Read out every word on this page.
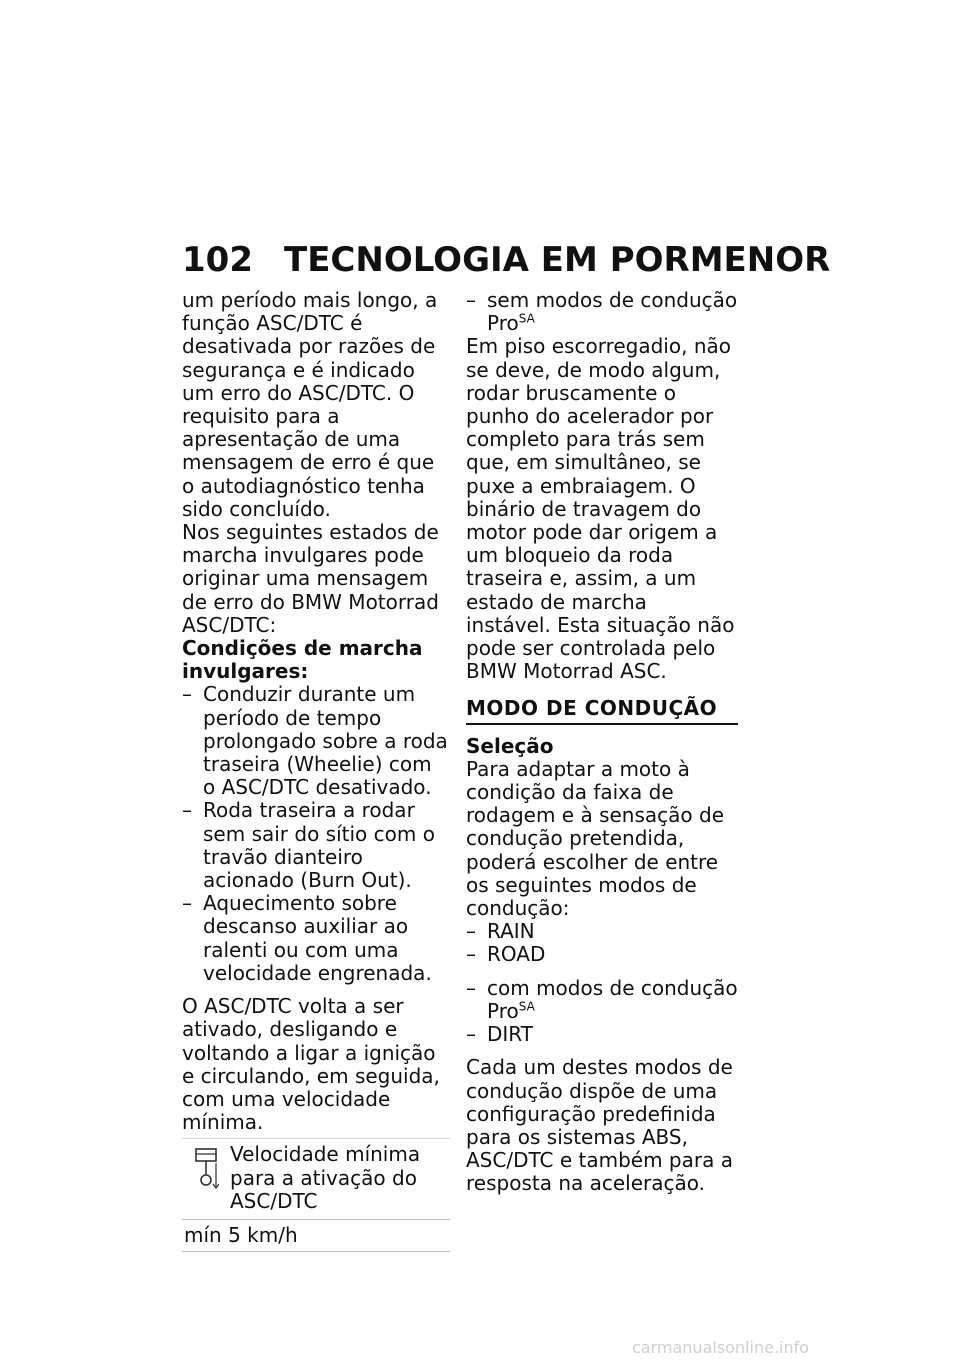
102 TECNOLOGIA EM PORMENOR

um período mais longo, a função ASC/DTC é desativada por razões de segurança e é indicado um erro do ASC/DTC. O requisito para a apresentação de uma mensagem de erro é que o autodiagnóstico tenha sido concluído.

Nos seguintes estados de marcha invulgares pode originar uma mensagem de erro do BMW Motorrad ASC/DTC:

Condições de marcha invulgares:

– Conduzir durante um período de tempo prolongado sobre a roda traseira (Wheelie) com o ASC/DTC desativado.

– Roda traseira a rodar sem sair do sítio com o travão dianteiro acionado (Burn Out).

– Aquecimento sobre descanso auxiliar ao ralenti ou com uma velocidade engrenada.

O ASC/DTC volta a ser ativado, desligando e voltando a ligar a ignição e circulando, em seguida, com uma velocidade mínima.

Velocidade mínima para a ativação do ASC/DTC
mín 5 km/h

– sem modos de condução Pro$^{SA}$

Em piso escorregadio, não se deve, de modo algum, rodar bruscamente o punho do acelerador por completo para trás sem que, em simultâneo, se puxe a embraiagem. O binário de travagem do motor pode dar origem a um bloqueio da roda traseira e, assim, a um estado de marcha instável. Esta situação não pode ser controlada pelo BMW Motorrad ASC.

MODO DE CONDUÇÃO

Seleção

Para adaptar a moto à condição da faixa de rodagem e à sensação de condução pretendida, poderá escolher de entre os seguintes modos de condução:

– RAIN

– ROAD

– com modos de condução Pro$^{SA}$

– DIRT

Cada um destes modos de condução dispõe de uma configuração predefinida para os sistemas ABS, ASC/DTC e também para a resposta na aceleração.

carmanualsonline.info
